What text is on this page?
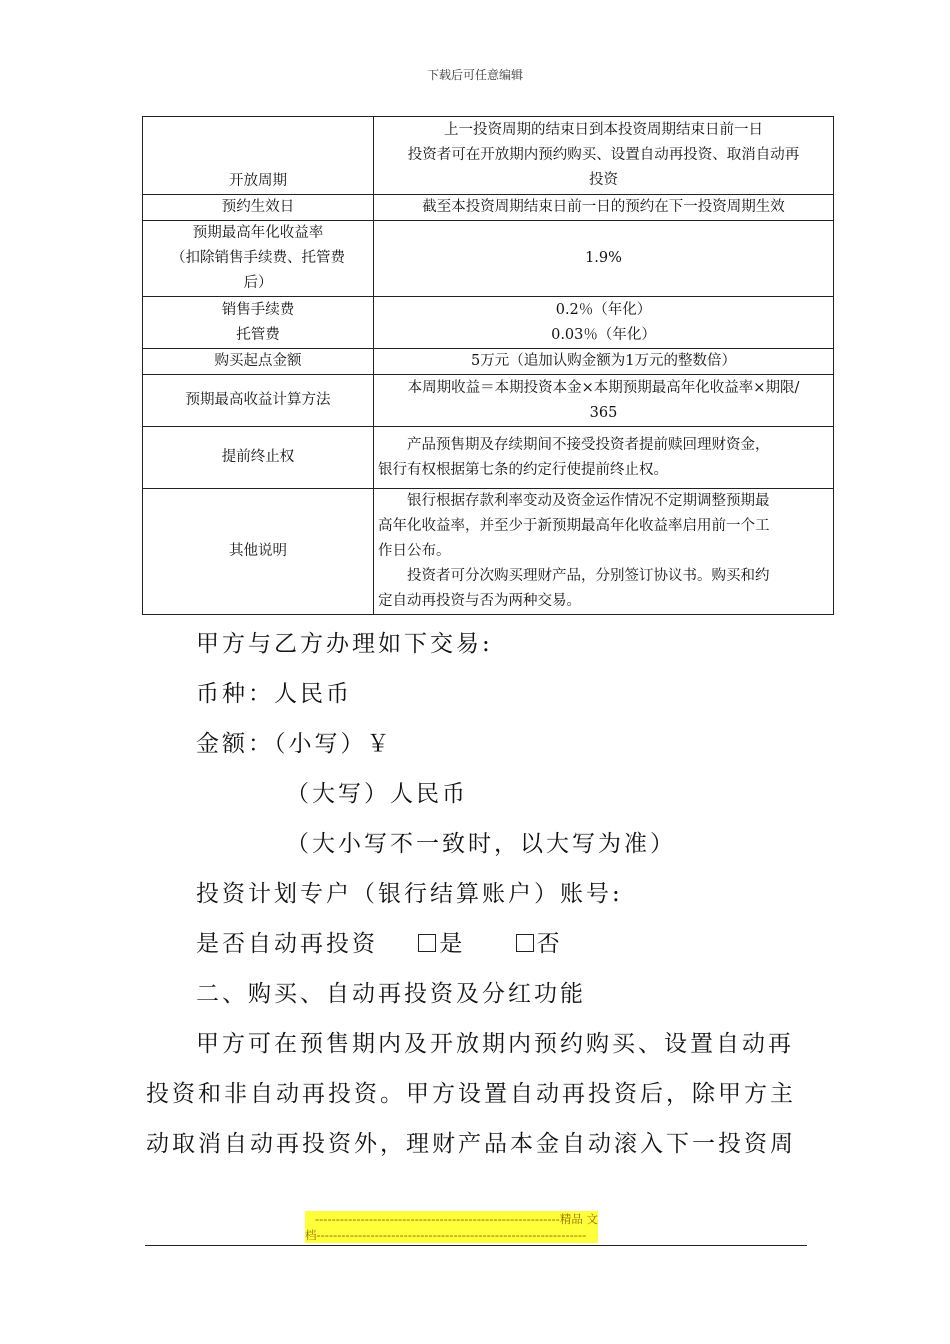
下载后可任意编辑
开放周期	上一投资周期的结束日到本投资周期结束日前一日
投资者可在开放期内预约购买、设置自动再投资、取消自动再
投资

预约生效日	截至本投资周期结束日前一日的预约在下一投资周期生效

预期最高年化收益率
（扣除销售手续费、托管费
后）	1.9%

销售手续费
托管费	0.2％（年化）
0.03％（年化）

购买起点金额	5万元（追加认购金额为1万元的整数倍）
预期最高收益计算方法	本周期收益＝本期投资本金×本期预期最高年化收益率×期限/
365

提前终止权	产品预售期及存续期间不接受投资者提前赎回理财资金，
银行有权根据第七条的约定行使提前终止权。

其他说明	银行根据存款利率变动及资金运作情况不定期调整预期最
高年化收益率，并至少于新预期最高年化收益率启用前一个工
作日公布。
投资者可分次购买理财产品，分别签订协议书。购买和约
定自动再投资与否为两种交易。
甲方与乙方办理如下交易:
币种：人民币
金额：（小写）￥
（大写）人民币
（大小写不一致时，以大写为准）
投资计划专户（银行结算账户）账号:
是否自动再投资	是	否
二、购买、自动再投资及分红功能
甲方可在预售期内及开放期内预约购买、设置自动再
投资和非自动再投资。甲方设置自动再投资后，除甲方主
动取消自动再投资外，理财产品本金自动滚入下一投资周
-----------------------------------------------------------精品 文
档-----------------------------------------------------------------
